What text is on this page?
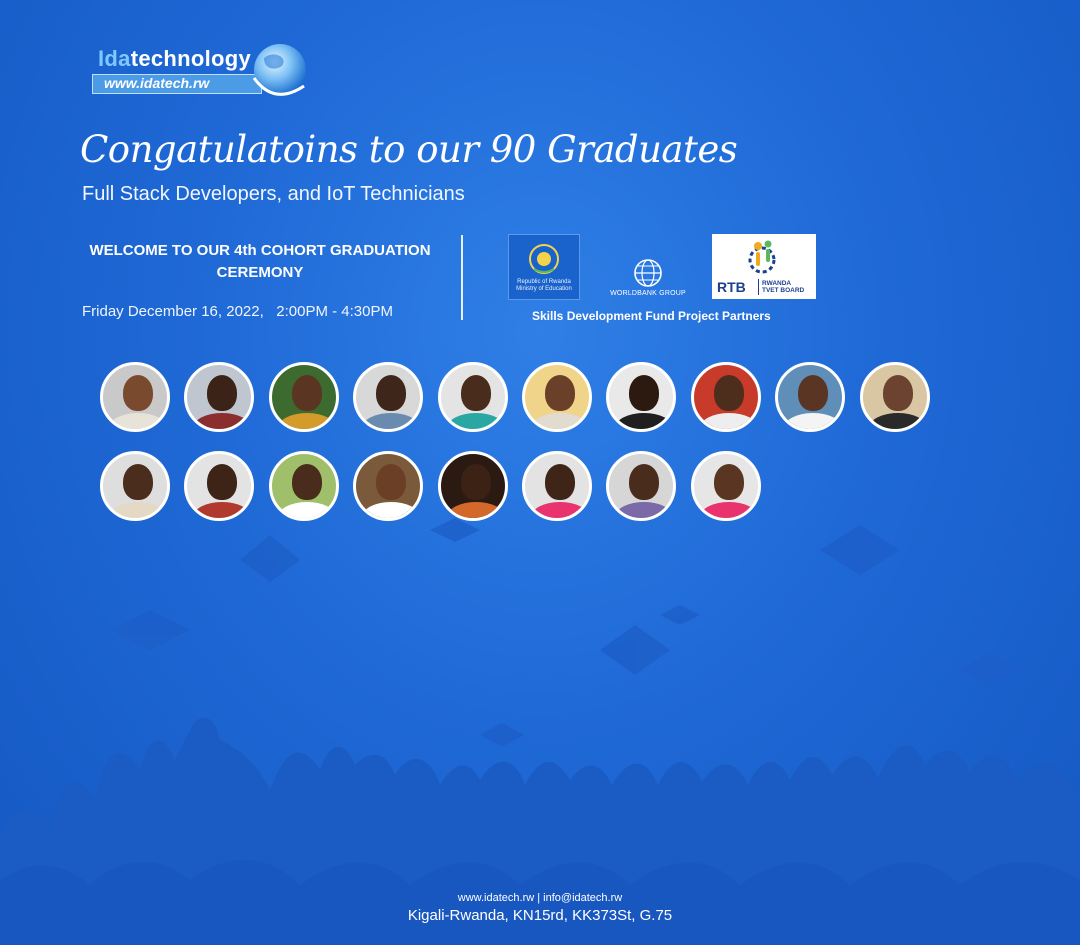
Idatechnology
www.idatech.rw
Congatulatoins to our 90 Graduates
Full Stack Developers, and IoT Technicians
WELCOME TO OUR 4th COHORT GRADUATION
CEREMONY
Friday December 16, 2022,   2:00PM - 4:30PM
Republic of Rwanda
Ministry of Education
WORLDBANK GROUP	RTB RWANDA
TVET BOARD
Skills Development Fund Project Partners
www.idatech.rw | info@idatech.rw
Kigali-Rwanda, KN15rd, KK373St, G.75
